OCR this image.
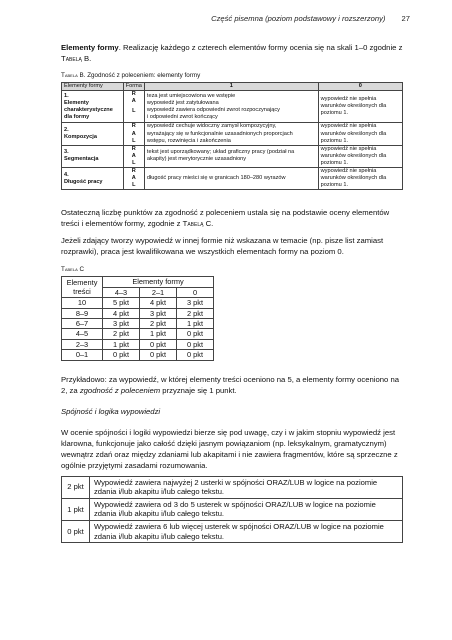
Część pisemna (poziom podstawowy i rozszerzony) 27

Elementy formy. Realizację każdego z czterech elementów formy ocenia się na skali 1–0 zgodnie z Tabelą B.

Tabela B. Zgodność z poleceniem: elementy formy
Elementy formy	Forma	1	0

1.
Elementy
charakterystyczne
dla formy	R
A
L	teza jest umiejscowiona we wstępie
wypowiedź jest zatytułowana
wypowiedź zawiera odpowiedni zwrot rozpoczynający
i odpowiedni zwrot kończący	wypowiedź nie spełnia
warunków określonych dla
poziomu 1.

2.
Kompozycja	R
A
L	wypowiedź cechuje widoczny zamysł kompozycyjny,
wyrażający się w funkcjonalnie uzasadnionych proporcjach
wstępu, rozwinięcia i zakończenia	wypowiedź nie spełnia
warunków określonych dla
poziomu 1.

3.
Segmentacja	R
A
L	tekst jest uporządkowany; układ graficzny pracy (podział na
akapity) jest merytorycznie uzasadniony	wypowiedź nie spełnia
warunków określonych dla
poziomu 1.

4.
Długość pracy	R
A
L	długość pracy mieści się w granicach 180–280 wyrazów	wypowiedź nie spełnia
warunków określonych dla
poziomu 1.

Ostateczną liczbę punktów za zgodność z poleceniem ustala się na podstawie oceny elementów treści i elementów formy, zgodnie z Tabelą C.

Jeżeli zdający tworzy wypowiedź w innej formie niż wskazana w temacie (np. pisze list zamiast rozprawki), praca jest kwalifikowana we wszystkich elementach formy na poziom 0.

Tabela C
Elementy	Elementy formy		
treści	4–3	2–1	0
10	5 pkt	4 pkt	3 pkt
8–9	4 pkt	3 pkt	2 pkt
6–7	3 pkt	2 pkt	1 pkt
4–5	2 pkt	1 pkt	0 pkt
2–3	1 pkt	0 pkt	0 pkt
0–1	0 pkt	0 pkt	0 pkt

Przykładowo: za wypowiedź, w której elementy treści oceniono na 5, a elementy formy oceniono na 2, za zgodność z poleceniem przyznaje się 1 punkt.

Spójność i logika wypowiedzi

W ocenie spójności i logiki wypowiedzi bierze się pod uwagę, czy i w jakim stopniu wypowiedź jest klarowna, funkcjonuje jako całość dzięki jasnym powiązaniom (np. leksykalnym, gramatycznym) wewnątrz zdań oraz między zdaniami lub akapitami i nie zawiera fragmentów, które są sprzeczne z ogólnie przyjętymi zasadami rozumowania.

2 pkt	Wypowiedź zawiera najwyżej 2 usterki w spójności ORAZ/LUB w logice na poziomie zdania i/lub akapitu i/lub całego tekstu.
1 pkt	Wypowiedź zawiera od 3 do 5 usterek w spójności ORAZ/LUB w logice na poziomie zdania i/lub akapitu i/lub całego tekstu.
0 pkt	Wypowiedź zawiera 6 lub więcej usterek w spójności ORAZ/LUB w logice na poziomie zdania i/lub akapitu i/lub całego tekstu.
